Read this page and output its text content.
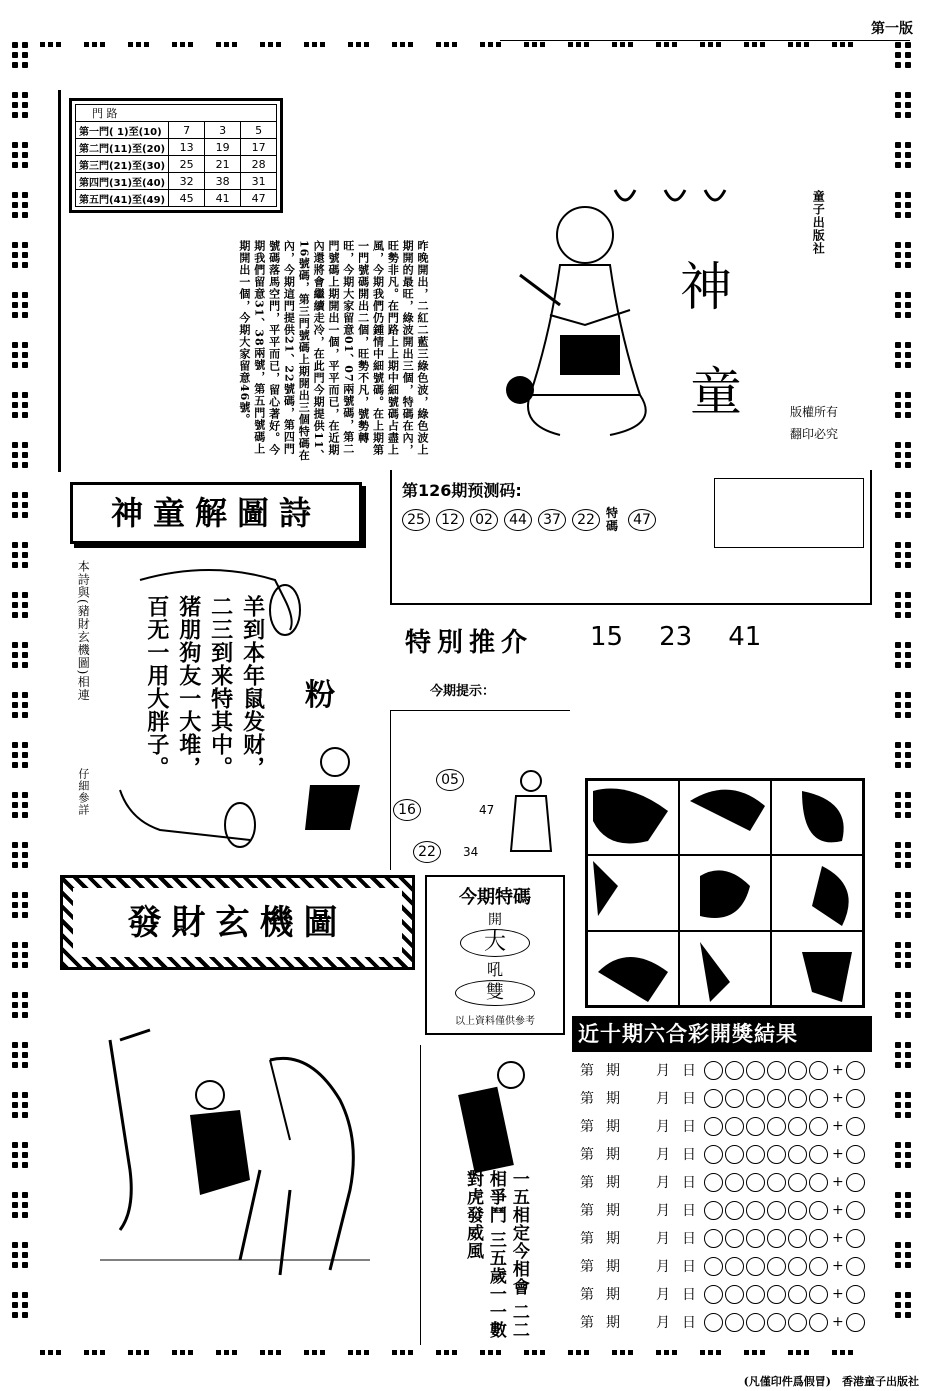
第一版
門 路			
第一門( 1)至(10)	7	3	5
第二門(11)至(20)	13	19	17
第三門(21)至(30)	25	21	28
第四門(31)至(40)	32	38	31
第五門(41)至(49)	45	41	47
昨晚開出，二紅二藍三綠色波，綠色波上期開的最旺，綠波開出三個，特碼在內，旺勢非凡。在門路上上期中細號碼占盡上風，今期我們仍鍾情中細號碼。在上期第一門號碼開出二個，旺勢不凡，號勢轉旺，今期大家留意01、07兩號碼，第二門號碼上期開出一個，平平而已，在近期內還將會繼續走冷，在此門今期提供11、16號碼，第三門號碼上期開出三個特碼在內，今期這門提供21、22號碼，第四門號碼落馬空門，平平而已，留心著好。今期我們留意31、38兩號，第五門號碼上期開出一個，今期大家留意46號。	神
童
童子出版社
版權所有
翻印必究
神童解圖詩
本詩與(豬財玄機圖)相連
仔細參詳
羊到本年鼠发财， 二三到来特其中。 猪朋狗友一大堆， 百无一用大胖子。	粉
第126期预测码:
25	12	02	44	37	22 特碼	47
特別推介 15 23 41
今期提示：
05
16	47
22	34
發財玄機圖
今期特碼
開
大
吼
雙
以上資料僅供參考
一五相定今相會 二二相爭鬥 三五歲一一數 對虎發威風
近十期六合彩開獎結果
第 期	月 日	+
第 期	月 日	+
第 期	月 日	+
第 期	月 日	+
第 期	月 日	+
第 期	月 日	+
第 期	月 日	+
第 期	月 日	+
第 期	月 日	+
第 期	月 日	+
(凡僅印件爲假冒)　香港童子出版社
